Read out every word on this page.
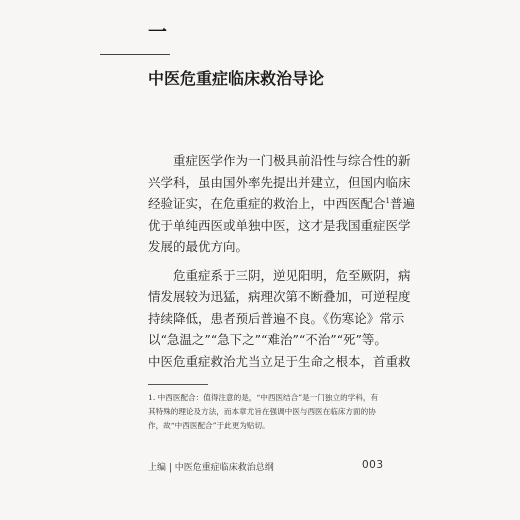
一
中医危重症临床救治导论
重症医学作为一门极具前沿性与综合性的新
兴学科，虽由国外率先提出并建立，但国内临床
经验证实，在危重症的救治上，中西医配合$^1$普遍
优于单纯西医或单独中医，这才是我国重症医学
发展的最优方向。
危重症系于三阴，逆见阳明，危至厥阴，病
情发展较为迅猛，病理次第不断叠加，可逆程度
持续降低，患者预后普遍不良。《伤寒论》常示
以“急温之”“急下之”“难治”“不治”“死”等。
中医危重症救治尤当立足于生命之根本，首重救
1. 中西医配合：值得注意的是，“中西医结合”是一门独立的学科，有
其特殊的理论及方法，而本章尤旨在强调中医与西医在临床方面的协
作，故“中西医配合”于此更为贴切。
上编 | 中医危重症临床救治总纲	003
